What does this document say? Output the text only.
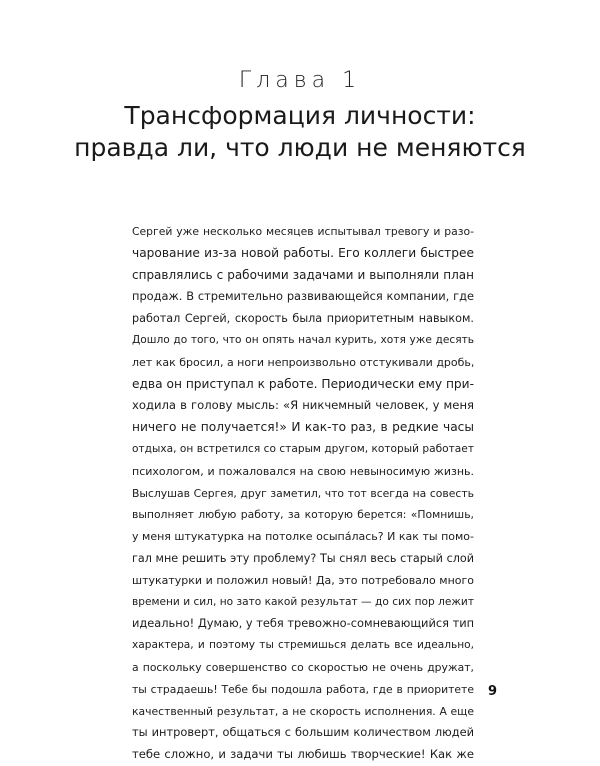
Глава 1
Трансформация личности:
правда ли, что люди не меняются
Сергей уже несколько месяцев испытывал тревогу и разо-
чарование из-за новой работы. Его коллеги быстрее
справлялись с рабочими задачами и выполняли план
продаж. В стремительно развивающейся компании, где
работал Сергей, скорость была приоритетным навыком.
Дошло до того, что он опять начал курить, хотя уже десять
лет как бросил, а ноги непроизвольно отстукивали дробь,
едва он приступал к работе. Периодически ему при-
ходила в голову мысль: «Я никчемный человек, у меня
ничего не получается!» И как-то раз, в редкие часы
отдыха, он встретился со старым другом, который работает
психологом, и пожаловался на свою невыносимую жизнь.
Выслушав Сергея, друг заметил, что тот всегда на совесть
выполняет любую работу, за которую берется: «Помнишь,
у меня штукатурка на потолке осыпа́лась? И как ты помо-
гал мне решить эту проблему? Ты снял весь старый слой
штукатурки и положил новый! Да, это потребовало много
времени и сил, но зато какой результат — до сих пор лежит
идеально! Думаю, у тебя тревожно-сомневающийся тип
характера, и поэтому ты стремишься делать все идеально,
а поскольку совершенство со скоростью не очень дружат,
ты страдаешь! Тебе бы подошла работа, где в приоритете
качественный результат, а не скорость исполнения. А еще
ты интроверт, общаться с большим количеством людей
тебе сложно, и задачи ты любишь творческие! Как же
9
